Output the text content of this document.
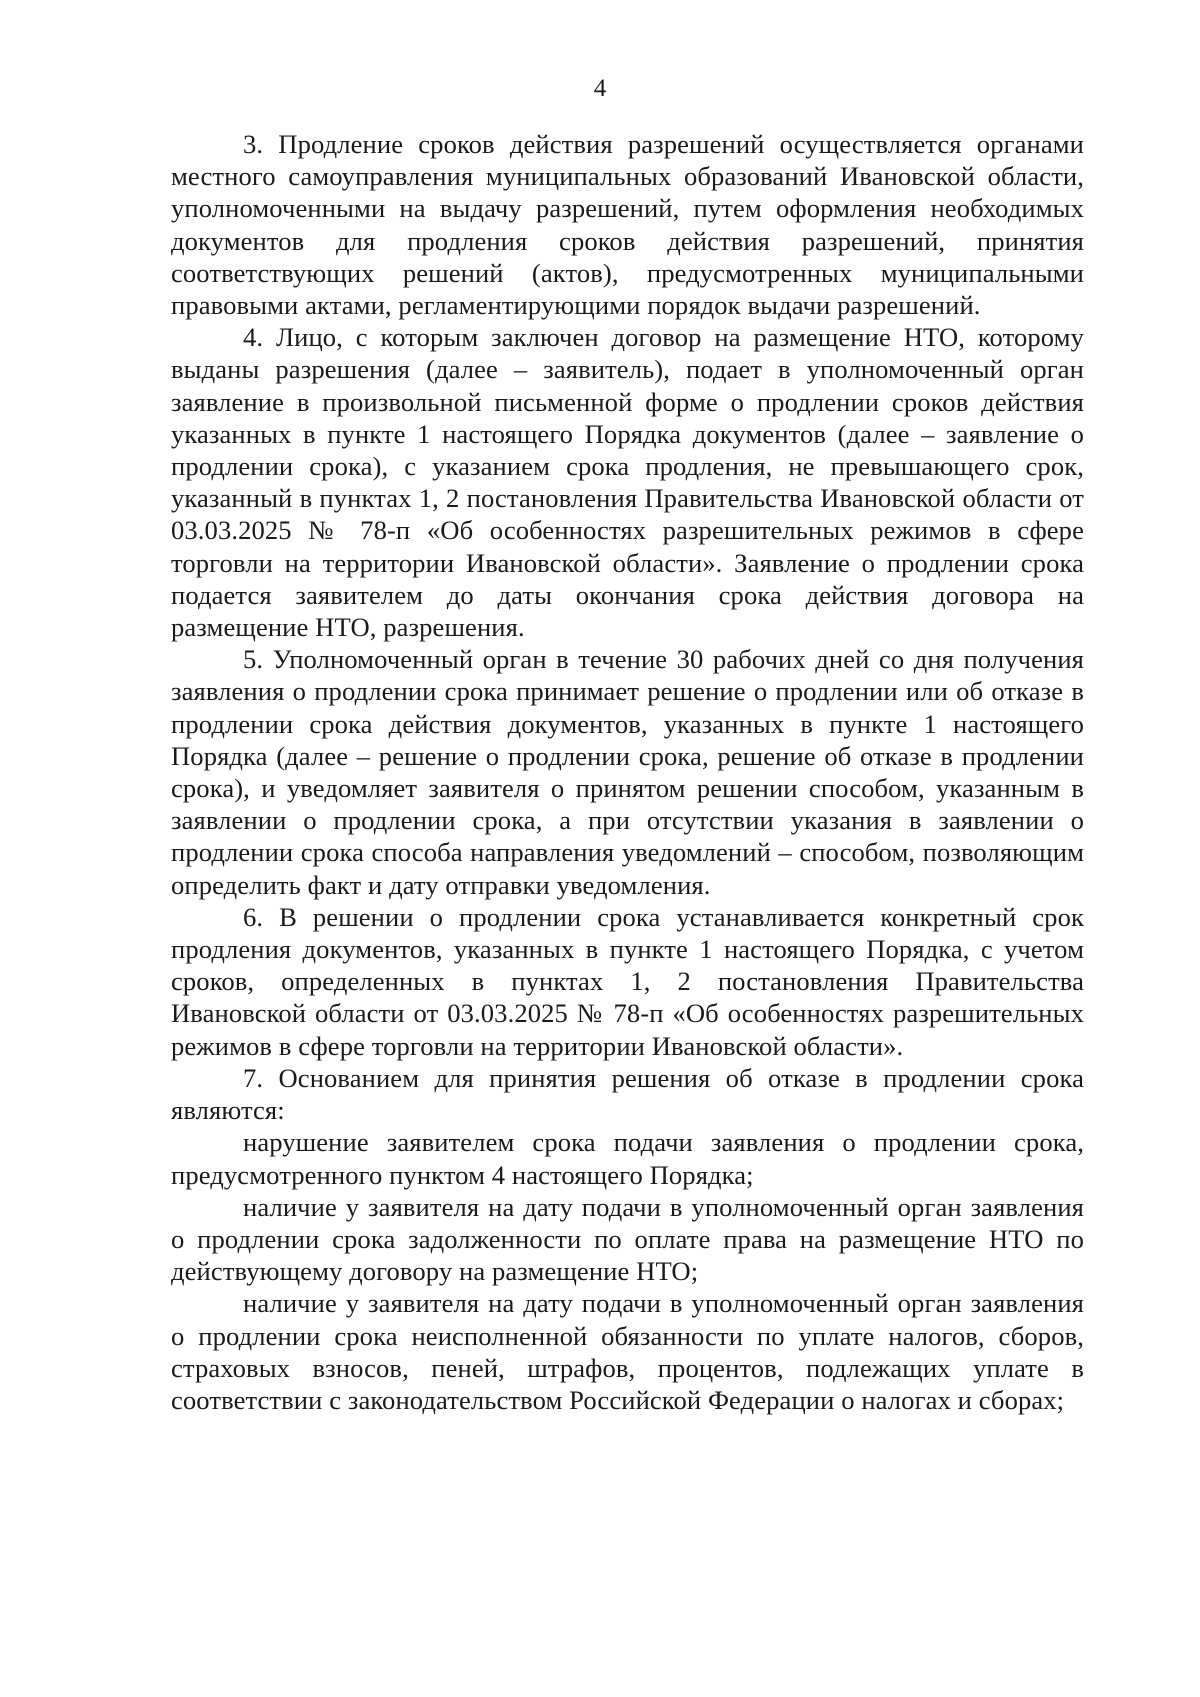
4

3. Продление сроков действия разрешений осуществляется органами местного самоуправления муниципальных образований Ивановской области, уполномоченными на выдачу разрешений, путем оформления необходимых документов для продления сроков действия разрешений, принятия соответствующих решений (актов), предусмотренных муниципальными правовыми актами, регламентирующими порядок выдачи разрешений.

4. Лицо, с которым заключен договор на размещение НТО, которому выданы разрешения (далее – заявитель), подает в уполномоченный орган заявление в произвольной письменной форме о продлении сроков действия указанных в пункте 1 настоящего Порядка документов (далее – заявление о продлении срока), с указанием срока продления, не превышающего срок, указанный в пунктах 1, 2 постановления Правительства Ивановской области от 03.03.2025 № 78-п «Об особенностях разрешительных режимов в сфере торговли на территории Ивановской области». Заявление о продлении срока подается заявителем до даты окончания срока действия договора на размещение НТО, разрешения.

5. Уполномоченный орган в течение 30 рабочих дней со дня получения заявления о продлении срока принимает решение о продлении или об отказе в продлении срока действия документов, указанных в пункте 1 настоящего Порядка (далее – решение о продлении срока, решение об отказе в продлении срока), и уведомляет заявителя о принятом решении способом, указанным в заявлении о продлении срока, а при отсутствии указания в заявлении о продлении срока способа направления уведомлений – способом, позволяющим определить факт и дату отправки уведомления.

6. В решении о продлении срока устанавливается конкретный срок продления документов, указанных в пункте 1 настоящего Порядка, с учетом сроков, определенных в пунктах 1, 2 постановления Правительства Ивановской области от 03.03.2025 № 78-п «Об особенностях разрешительных режимов в сфере торговли на территории Ивановской области».

7. Основанием для принятия решения об отказе в продлении срока являются:

нарушение заявителем срока подачи заявления о продлении срока, предусмотренного пунктом 4 настоящего Порядка;

наличие у заявителя на дату подачи в уполномоченный орган заявления о продлении срока задолженности по оплате права на размещение НТО по действующему договору на размещение НТО;

наличие у заявителя на дату подачи в уполномоченный орган заявления о продлении срока неисполненной обязанности по уплате налогов, сборов, страховых взносов, пеней, штрафов, процентов, подлежащих уплате в соответствии с законодательством Российской Федерации о налогах и сборах;
